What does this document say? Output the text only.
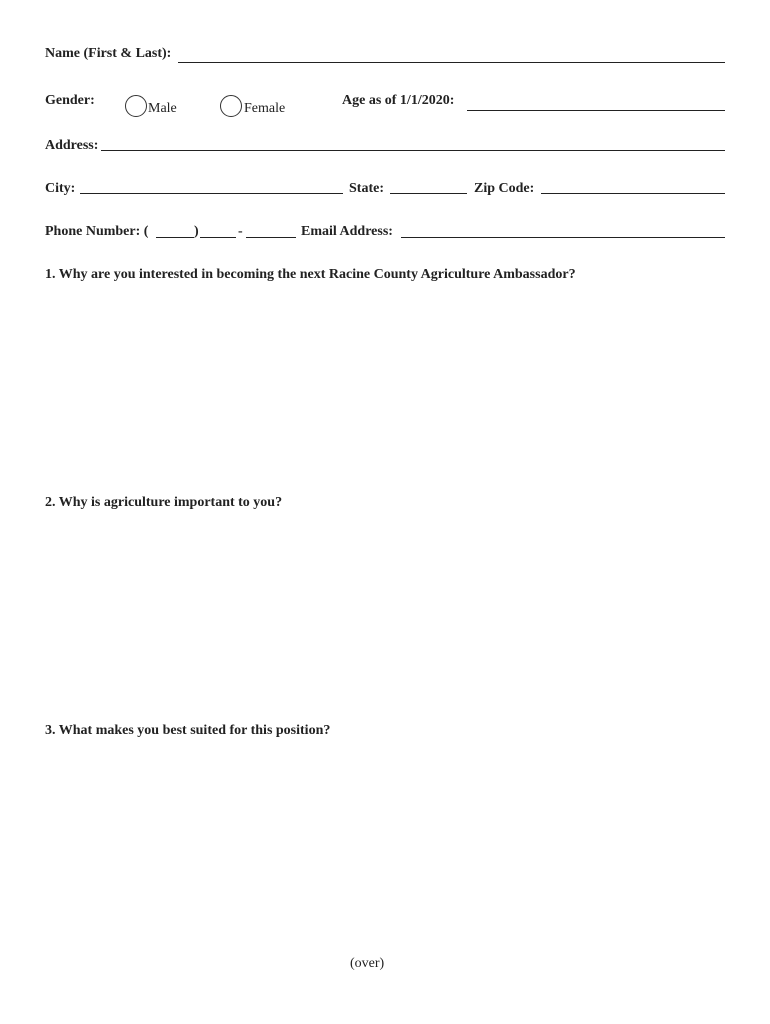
Name (First & Last):
Gender:
Male	Female
Age as of 1/1/2020:
Address:
City:	State:	Zip Code:
Phone Number: (	)	-	Email Address:
1. Why are you interested in becoming the next Racine County Agriculture Ambassador?
2. Why is agriculture important to you?
3. What makes you best suited for this position?
(over)
